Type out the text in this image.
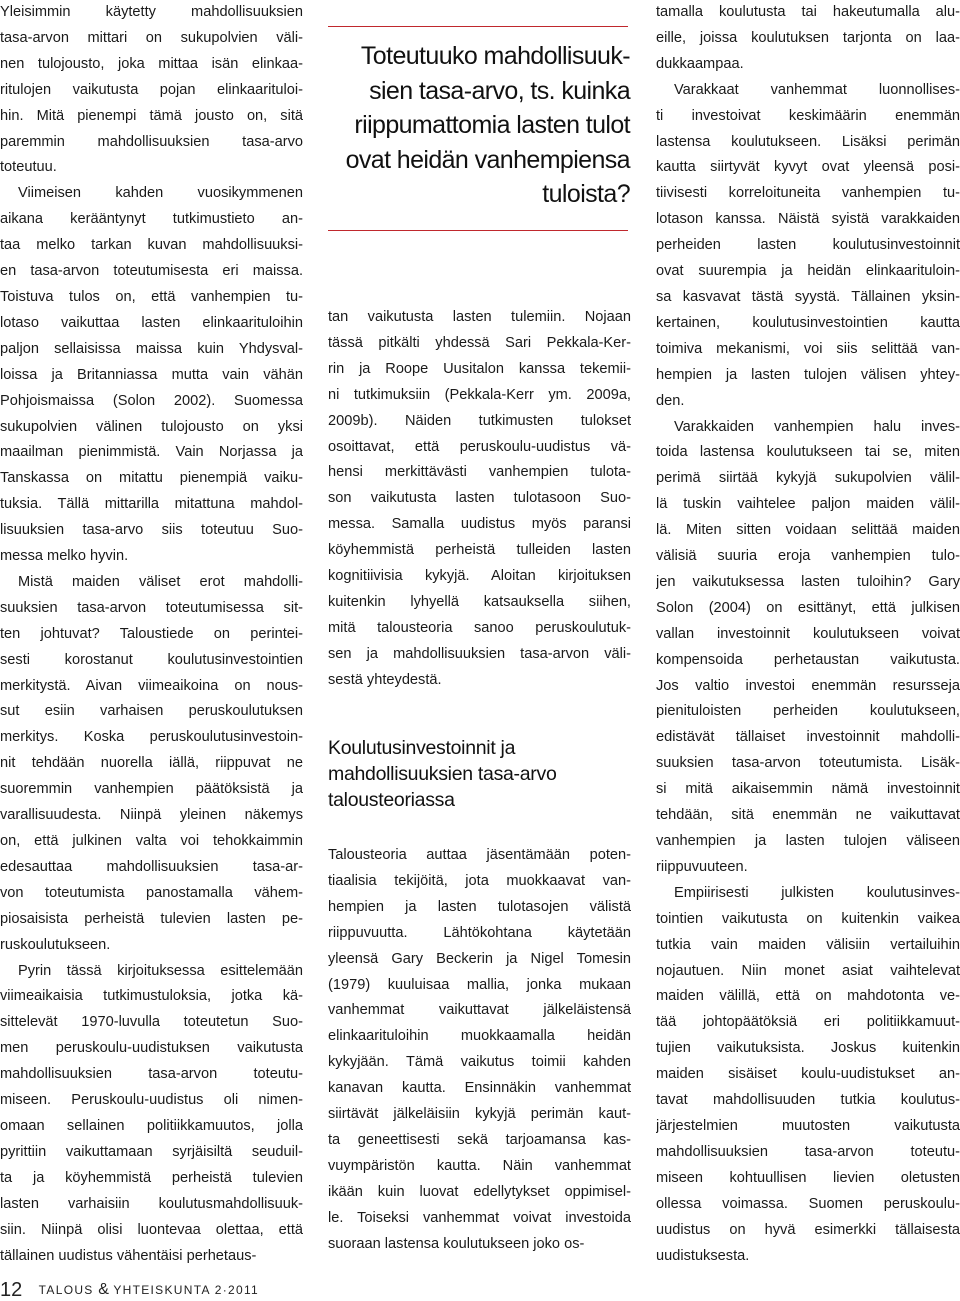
Yleisimmin käytetty mahdollisuuksien
tasa-arvon mittari on sukupolvien väli-
nen tulojousto, joka mittaa isän elinkaa-
ritulojen vaikutusta pojan elinkaarituloi-
hin. Mitä pienempi tämä jousto on, sitä
paremmin mahdollisuuksien tasa-arvo
toteutuu.
Viimeisen kahden vuosikymmenen
aikana kerääntynyt tutkimustieto an-
taa melko tarkan kuvan mahdollisuuksi-
en tasa-arvon toteutumisesta eri maissa.
Toistuva tulos on, että vanhempien tu-
lotaso vaikuttaa lasten elinkaarituloihin
paljon sellaisissa maissa kuin Yhdysval-
loissa ja Britanniassa mutta vain vähän
Pohjoismaissa (Solon 2002). Suomessa
sukupolvien välinen tulojousto on yksi
maailman pienimmistä. Vain Norjassa ja
Tanskassa on mitattu pienempiä vaiku-
tuksia. Tällä mittarilla mitattuna mahdol-
lisuuksien tasa-arvo siis toteutuu Suo-
messa melko hyvin.
Mistä maiden väliset erot mahdolli-
suuksien tasa-arvon toteutumisessa sit-
ten johtuvat? Taloustiede on perintei-
sesti korostanut koulutusinvestointien
merkitystä. Aivan viimeaikoina on nous-
sut esiin varhaisen peruskoulutuksen
merkitys. Koska peruskoulutusinvestoin-
nit tehdään nuorella iällä, riippuvat ne
suoremmin vanhempien päätöksistä ja
varallisuudesta. Niinpä yleinen näkemys
on, että julkinen valta voi tehokkaimmin
edesauttaa mahdollisuuksien tasa-ar-
von toteutumista panostamalla vähem-
piosaisista perheistä tulevien lasten pe-
ruskoulutukseen.
Pyrin tässä kirjoituksessa esittelemään
viimeaikaisia tutkimustuloksia, jotka kä-
sittelevät 1970-luvulla toteutetun Suo-
men peruskoulu-uudistuksen vaikutusta
mahdollisuuksien tasa-arvon toteutu-
miseen. Peruskoulu-uudistus oli nimen-
omaan sellainen politiikkamuutos, jolla
pyrittiin vaikuttamaan syrjäisiltä seuduil-
ta ja köyhemmistä perheistä tulevien
lasten varhaisiin koulutusmahdollisuuk-
siin. Niinpä olisi luontevaa olettaa, että
tällainen uudistus vähentäisi perhetaus-
Toteutuuko mahdollisuuk-
sien tasa-arvo, ts. kuinka
riippumattomia lasten tulot
ovat heidän vanhempiensa
tuloista?
tan vaikutusta lasten tulemiin. Nojaan
tässä pitkälti yhdessä Sari Pekkala-Ker-
rin ja Roope Uusitalon kanssa tekemii-
ni tutkimuksiin (Pekkala-Kerr ym. 2009a,
2009b). Näiden tutkimusten tulokset
osoittavat, että peruskoulu-uudistus vä-
hensi merkittävästi vanhempien tulota-
son vaikutusta lasten tulotasoon Suo-
messa. Samalla uudistus myös paransi
köyhemmistä perheistä tulleiden lasten
kognitiivisia kykyjä. Aloitan kirjoituksen
kuitenkin lyhyellä katsauksella siihen,
mitä talousteoria sanoo peruskoulutuk-
sen ja mahdollisuuksien tasa-arvon väli-
sestä yhteydestä.
Koulutusinvestoinnit ja
mahdollisuuksien tasa-arvo
talousteoriassa
Talousteoria auttaa jäsentämään poten-
tiaalisia tekijöitä, jota muokkaavat van-
hempien ja lasten tulotasojen välistä
riippuvuutta. Lähtökohtana käytetään
yleensä Gary Beckerin ja Nigel Tomesin
(1979) kuuluisaa mallia, jonka mukaan
vanhemmat vaikuttavat jälkeläistensä
elinkaarituloihin muokkaamalla heidän
kykyjään. Tämä vaikutus toimii kahden
kanavan kautta. Ensinnäkin vanhemmat
siirtävät jälkeläisiin kykyjä perimän kaut-
ta geneettisesti sekä tarjoamansa kas-
vuympäristön kautta. Näin vanhemmat
ikään kuin luovat edellytykset oppimisel-
le. Toiseksi vanhemmat voivat investoida
suoraan lastensa koulutukseen joko os-
tamalla koulutusta tai hakeutumalla alu-
eille, joissa koulutuksen tarjonta on laa-
dukkaampaa.
Varakkaat vanhemmat luonnollises-
ti investoivat keskimäärin enemmän
lastensa koulutukseen. Lisäksi perimän
kautta siirtyvät kyvyt ovat yleensä posi-
tiivisesti korreloituneita vanhempien tu-
lotason kanssa. Näistä syistä varakkaiden
perheiden lasten koulutusinvestoinnit
ovat suurempia ja heidän elinkaarituloin-
sa kasvavat tästä syystä. Tällainen yksin-
kertainen, koulutusinvestointien kautta
toimiva mekanismi, voi siis selittää van-
hempien ja lasten tulojen välisen yhtey-
den.
Varakkaiden vanhempien halu inves-
toida lastensa koulutukseen tai se, miten
perimä siirtää kykyjä sukupolvien välil-
lä tuskin vaihtelee paljon maiden välil-
lä. Miten sitten voidaan selittää maiden
välisiä suuria eroja vanhempien tulo-
jen vaikutuksessa lasten tuloihin? Gary
Solon (2004) on esittänyt, että julkisen
vallan investoinnit koulutukseen voivat
kompensoida perhetaustan vaikutusta.
Jos valtio investoi enemmän resursseja
pienituloisten perheiden koulutukseen,
edistävät tällaiset investoinnit mahdolli-
suuksien tasa-arvon toteutumista. Lisäk-
si mitä aikaisemmin nämä investoinnit
tehdään, sitä enemmän ne vaikuttavat
vanhempien ja lasten tulojen väliseen
riippuvuuteen.
Empiirisesti julkisten koulutusinves-
tointien vaikutusta on kuitenkin vaikea
tutkia vain maiden välisiin vertailuihin
nojautuen. Niin monet asiat vaihtelevat
maiden välillä, että on mahdotonta ve-
tää johtopäätöksiä eri politiikkamuut-
tujien vaikutuksista. Joskus kuitenkin
maiden sisäiset koulu-uudistukset an-
tavat mahdollisuuden tutkia koulutus-
järjestelmien muutosten vaikutusta
mahdollisuuksien tasa-arvon toteutu-
miseen kohtuullisen lievien oletusten
ollessa voimassa. Suomen peruskoulu-
uudistus on hyvä esimerkki tällaisesta
uudistuksesta.
12 TALOUS & YHTEISKUNTA 2·2011
